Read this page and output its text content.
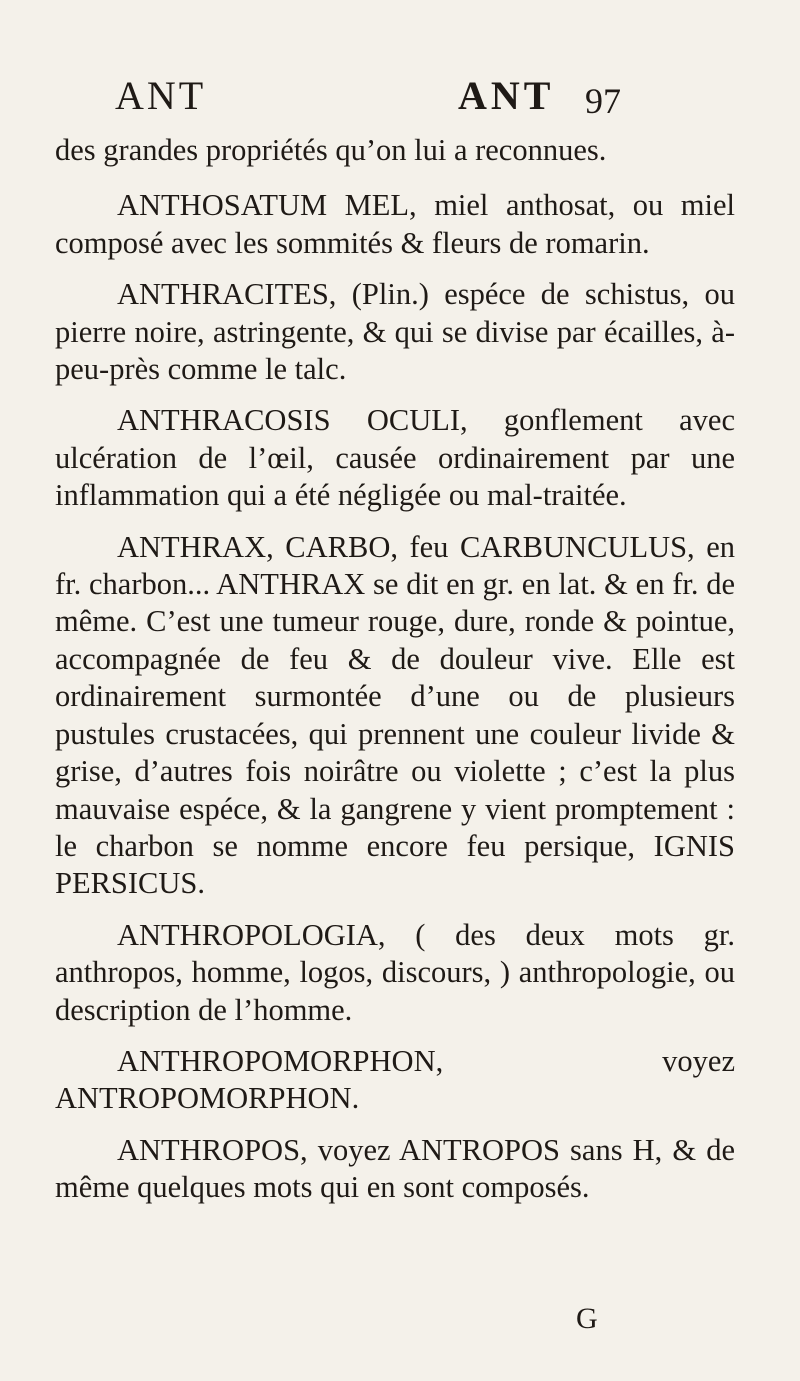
ANT	ANT 97

des grandes propriétés qu’on lui a reconnues.

ANTHOSATUM MEL, miel anthosat, ou miel composé avec les sommités & fleurs de romarin.

ANTHRACITES, (Plin.) espéce de schistus, ou pierre noire, astringente, & qui se divise par écailles, à-peu-près comme le talc.

ANTHRACOSIS OCULI, gonflement avec ulcération de l’œil, causée ordinairement par une inflammation qui a été négligée ou mal-traitée.

ANTHRAX, CARBO, feu CARBUNCULUS, en fr. charbon... ANTHRAX se dit en gr. en lat. & en fr. de même. C’est une tumeur rouge, dure, ronde & pointue, accompagnée de feu & de douleur vive. Elle est ordinairement surmontée d’une ou de plusieurs pustules crustacées, qui prennent une couleur livide & grise, d’autres fois noirâtre ou violette ; c’est la plus mauvaise espéce, & la gangrene y vient promptement : le charbon se nomme encore feu persique, IGNIS PERSICUS.

ANTHROPOLOGIA, ( des deux mots gr. anthropos, homme, logos, discours, ) anthropologie, ou description de l’homme.

ANTHROPOMORPHON, voyez ANTROPOMORPHON.

ANTHROPOS, voyez ANTROPOS sans H, & de même quelques mots qui en sont composés.

G
